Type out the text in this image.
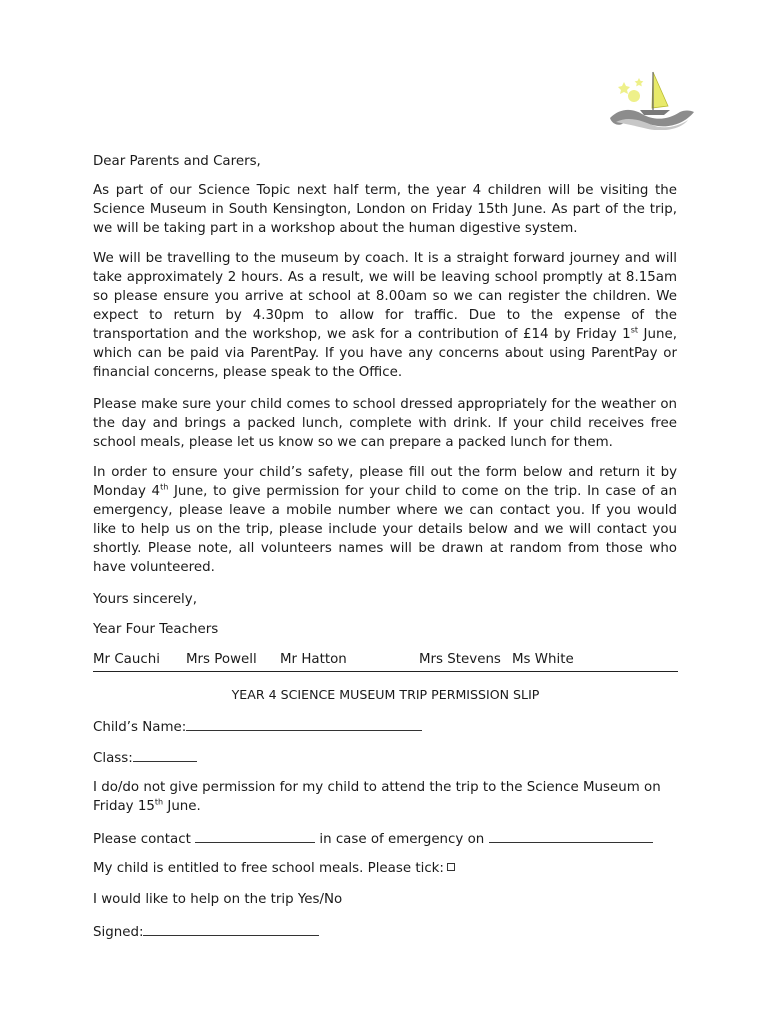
Dear Parents and Carers,

As part of our Science Topic next half term, the year 4 children will be visiting the Science Museum in South Kensington, London on Friday 15th June. As part of the trip, we will be taking part in a workshop about the human digestive system.

We will be travelling to the museum by coach. It is a straight forward journey and will take approximately 2 hours. As a result, we will be leaving school promptly at 8.15am so please ensure you arrive at school at 8.00am so we can register the children. We expect to return by 4.30pm to allow for traffic. Due to the expense of the transportation and the workshop, we ask for a contribution of £14 by Friday 1st June, which can be paid via ParentPay. If you have any concerns about using ParentPay or financial concerns, please speak to the Office.

Please make sure your child comes to school dressed appropriately for the weather on the day and brings a packed lunch, complete with drink. If your child receives free school meals, please let us know so we can prepare a packed lunch for them.

In order to ensure your child’s safety, please fill out the form below and return it by Monday 4th June, to give permission for your child to come on the trip. In case of an emergency, please leave a mobile number where we can contact you. If you would like to help us on the trip, please include your details below and we will contact you shortly. Please note, all volunteers names will be drawn at random from those who have volunteered.

Yours sincerely,

Year Four Teachers

Mr Cauchi Mrs Powell Mr Hatton	Mrs Stevens Ms White
YEAR 4 SCIENCE MUSEUM TRIP PERMISSION SLIP
Child’s Name:
Class:
I do/do not give permission for my child to attend the trip to the Science Museum on
Friday 15th June.
Please contact	in case of emergency on
My child is entitled to free school meals. Please tick:
I would like to help on the trip Yes/No
Signed:
